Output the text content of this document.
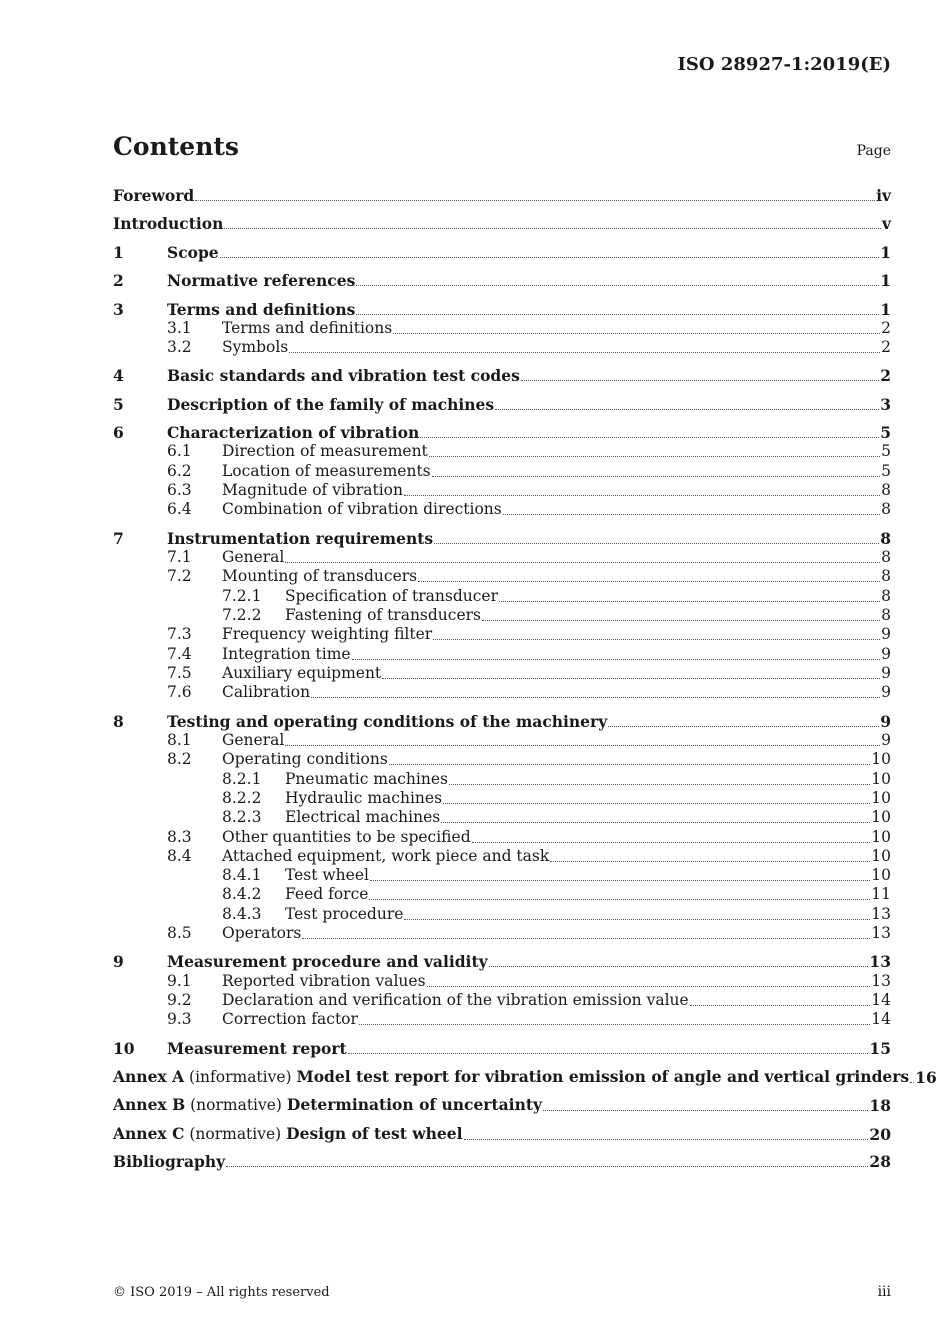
ISO 28927-1:2019(E)
Contents	Page
Foreword	iv
Introduction	v
1	Scope	1
2	Normative references	1
3	Terms and definitions	1
3.1	Terms and definitions	2
3.2	Symbols	2
4	Basic standards and vibration test codes	2
5	Description of the family of machines	3
6	Characterization of vibration	5
6.1	Direction of measurement	5
6.2	Location of measurements	5
6.3	Magnitude of vibration	8
6.4	Combination of vibration directions	8
7	Instrumentation requirements	8
7.1	General	8
7.2	Mounting of transducers	8
7.2.1	Specification of transducer	8
7.2.2	Fastening of transducers	8
7.3	Frequency weighting filter	9
7.4	Integration time	9
7.5	Auxiliary equipment	9
7.6	Calibration	9
8	Testing and operating conditions of the machinery	9
8.1	General	9
8.2	Operating conditions	10
8.2.1	Pneumatic machines	10
8.2.2	Hydraulic machines	10
8.2.3	Electrical machines	10
8.3	Other quantities to be specified	10
8.4	Attached equipment, work piece and task	10
8.4.1	Test wheel	10
8.4.2	Feed force	11
8.4.3	Test procedure	13
8.5	Operators	13
9	Measurement procedure and validity	13
9.1	Reported vibration values	13
9.2	Declaration and verification of the vibration emission value	14
9.3	Correction factor	14
10	Measurement report	15
Annex A (informative) Model test report for vibration emission of angle and vertical grinders 16
Annex B (normative) Determination of uncertainty	18
Annex C (normative) Design of test wheel	20
Bibliography	28
© ISO 2019 – All rights reserved	iii
